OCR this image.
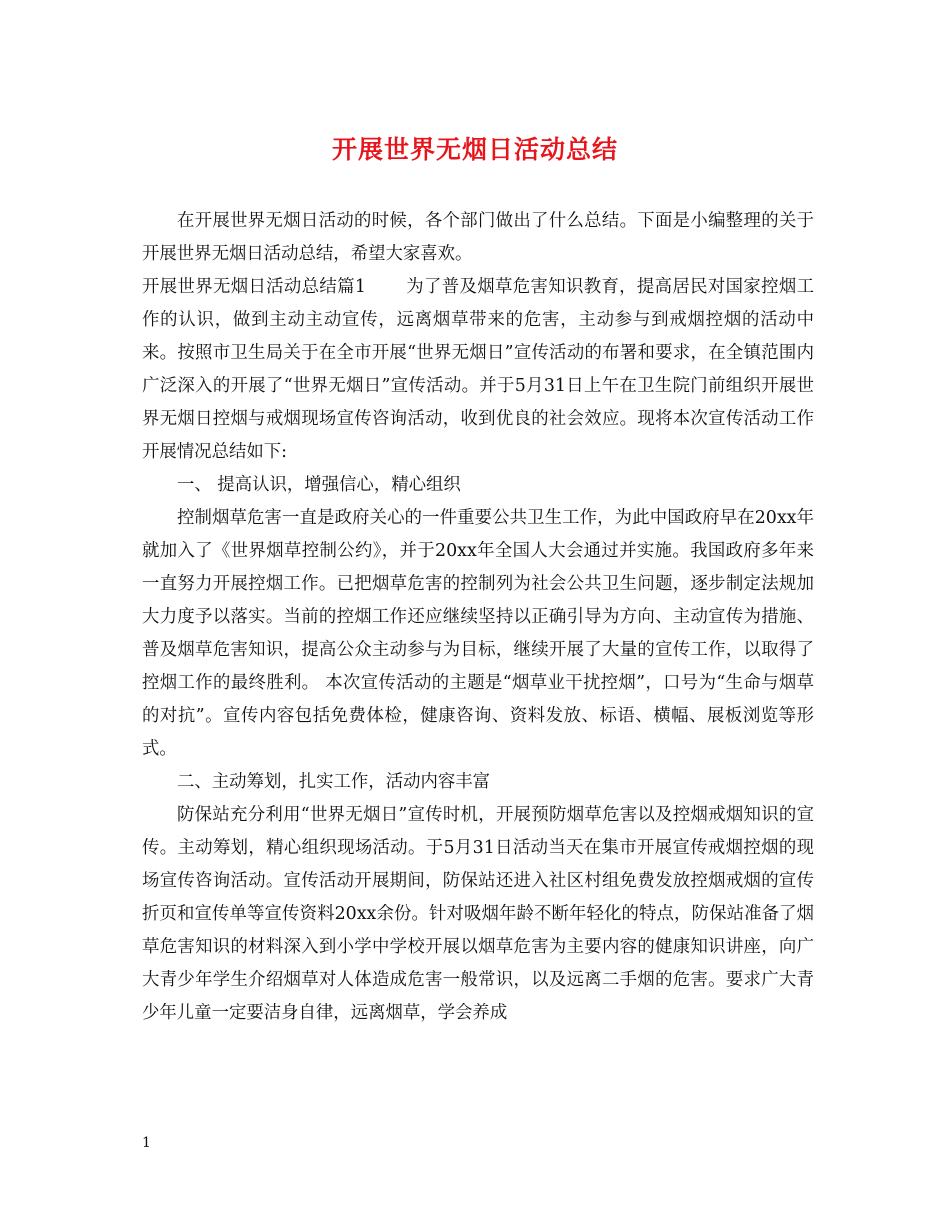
开展世界无烟日活动总结

在开展世界无烟日活动的时候，各个部门做出了什么总结。下面是小编整理的关于开展世界无烟日活动总结，希望大家喜欢。

开展世界无烟日活动总结篇1 为了普及烟草危害知识教育，提高居民对国家控烟工作的认识，做到主动主动宣传，远离烟草带来的危害，主动参与到戒烟控烟的活动中来。按照市卫生局关于在全市开展“世界无烟日”宣传活动的布署和要求，在全镇范围内广泛深入的开展了“世界无烟日”宣传活动。并于5月31日上午在卫生院门前组织开展世界无烟日控烟与戒烟现场宣传咨询活动，收到优良的社会效应。现将本次宣传活动工作开展情况总结如下:

一、 提高认识，增强信心，精心组织

控制烟草危害一直是政府关心的一件重要公共卫生工作，为此中国政府早在20xx年就加入了《世界烟草控制公约》，并于20xx年全国人大会通过并实施。我国政府多年来一直努力开展控烟工作。已把烟草危害的控制列为社会公共卫生问题，逐步制定法规加大力度予以落实。当前的控烟工作还应继续坚持以正确引导为方向、主动宣传为措施、普及烟草危害知识，提高公众主动参与为目标，继续开展了大量的宣传工作，以取得了控烟工作的最终胜利。 本次宣传活动的主题是“烟草业干扰控烟”，口号为“生命与烟草的对抗”。宣传内容包括免费体检，健康咨询、资料发放、标语、横幅、展板浏览等形式。

二、主动筹划，扎实工作，活动内容丰富

防保站充分利用“世界无烟日”宣传时机，开展预防烟草危害以及控烟戒烟知识的宣传。主动筹划，精心组织现场活动。于5月31日活动当天在集市开展宣传戒烟控烟的现场宣传咨询活动。宣传活动开展期间，防保站还进入社区村组免费发放控烟戒烟的宣传折页和宣传单等宣传资料20xx余份。针对吸烟年龄不断年轻化的特点，防保站准备了烟草危害知识的材料深入到小学中学校开展以烟草危害为主要内容的健康知识讲座，向广大青少年学生介绍烟草对人体造成危害一般常识，以及远离二手烟的危害。要求广大青少年儿童一定要洁身自律，远离烟草，学会养成

1
